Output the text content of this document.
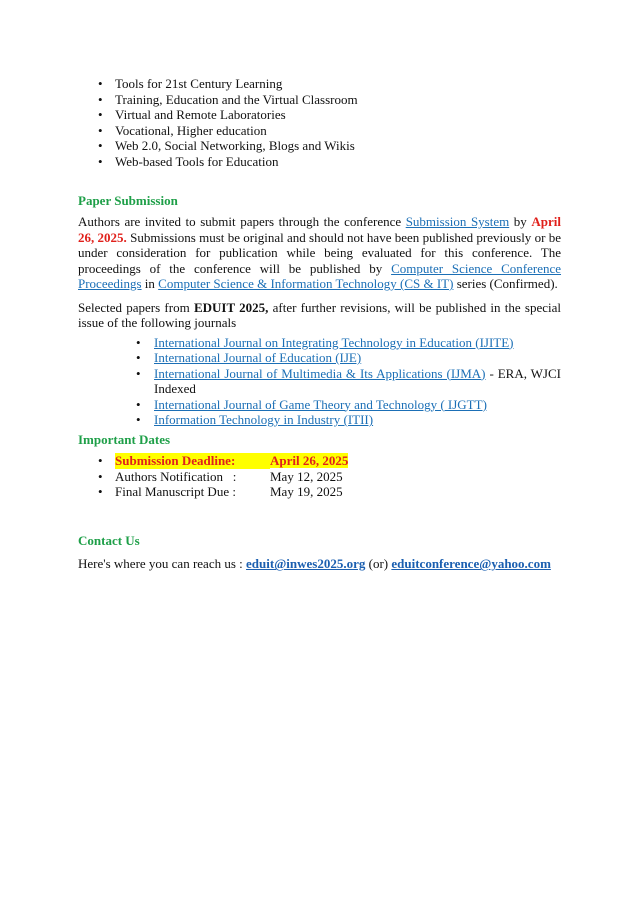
• Tools for 21st Century Learning
• Training, Education and the Virtual Classroom
• Virtual and Remote Laboratories
• Vocational, Higher education
• Web 2.0, Social Networking, Blogs and Wikis
• Web-based Tools for Education
Paper Submission

Authors are invited to submit papers through the conference Submission System by April 26, 2025. Submissions must be original and should not have been published previously or be under consideration for publication while being evaluated for this conference. The proceedings of the conference will be published by Computer Science Conference Proceedings in Computer Science & Information Technology (CS & IT) series (Confirmed).

Selected papers from EDUIT 2025, after further revisions, will be published in the special issue of the following journals

• International Journal on Integrating Technology in Education (IJITE)
• International Journal of Education (IJE)
• International Journal of Multimedia & Its Applications (IJMA) - ERA, WJCI Indexed
• International Journal of Game Theory and Technology ( IJGTT)
• Information Technology in Industry (ITII)
Important Dates
• Submission Deadline:	April 26, 2025
• Authors Notification   :	May 12, 2025
• Final Manuscript Due :	May 19, 2025
Contact Us

Here's where you can reach us : eduit@inwes2025.org (or) eduitconference@yahoo.com
